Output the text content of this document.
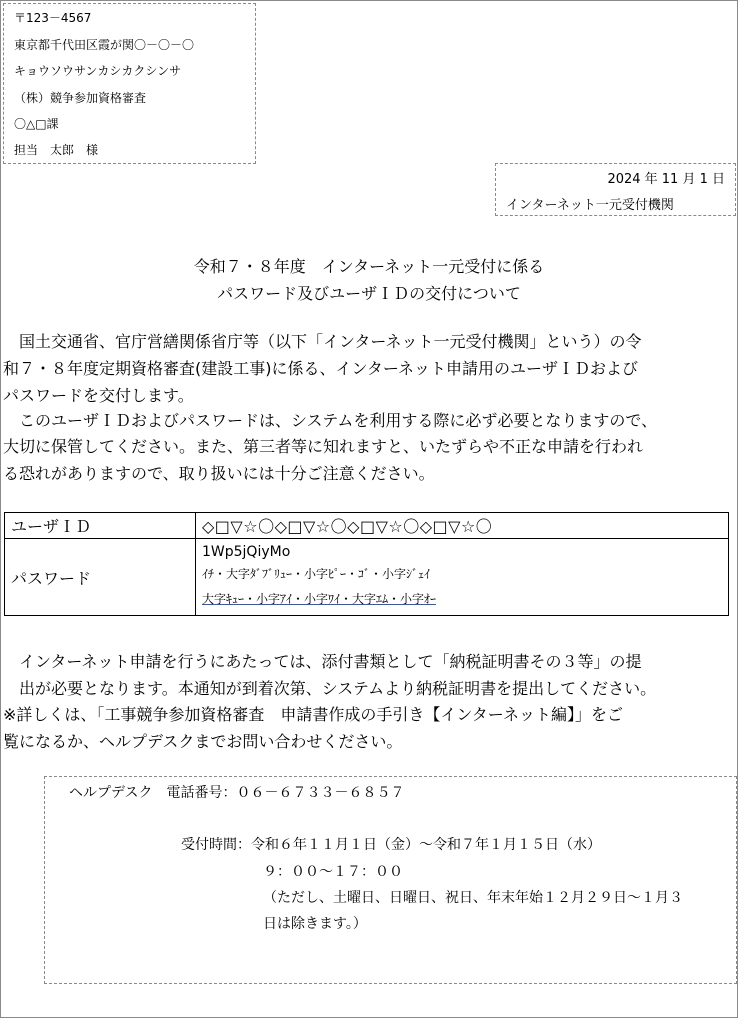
〒123－4567
東京都千代田区霞が関〇－〇－〇
キョウソウサンカシカクシンサ
（株）競争参加資格審査
〇△□課
担当　太郎　様
2024 年 11 月 1 日
インターネット一元受付機関
令和７・８年度　インターネット一元受付に係る
パスワード及びユーザＩＤの交付について
　国土交通省、官庁営繕関係省庁等（以下「インターネット一元受付機関」という）の令
和７・８年度定期資格審査(建設工事)に係る、インターネット申請用のユーザＩＤおよび
パスワードを交付します。
　このユーザＩＤおよびパスワードは、システムを利用する際に必ず必要となりますので、
大切に保管してください。また、第三者等に知れますと、いたずらや不正な申請を行われ
る恐れがありますので、取り扱いには十分ご注意ください。
ユーザＩＤ	◇□▽☆〇◇□▽☆〇◇□▽☆〇◇□▽☆〇
パスワード	1Wp5jQiyMo
ｲﾁ・大字ﾀﾞﾌﾞﾘｭｰ・小字ﾋﾟｰ・ｺﾞ・小字ｼﾞｪｲ
大字ｷｭｰ・小字ｱｲ・小字ﾜｲ・大字ｴﾑ・小字ｵｰ
　インターネット申請を行うにあたっては、添付書類として「納税証明書その３等」の提
　出が必要となります。本通知が到着次第、システムより納税証明書を提出してください。
※詳しくは、「工事競争参加資格審査　申請書作成の手引き【インターネット編】」をご
覧になるか、ヘルプデスクまでお問い合わせください。
ヘルプデスク　電話番号：０６－６７３３－６８５７
受付時間：令和６年１１月１日（金）～令和７年１月１５日（水）
９：００～１７：００
（ただし、土曜日、日曜日、祝日、年末年始１２月２９日～１月３
日は除きます。）
